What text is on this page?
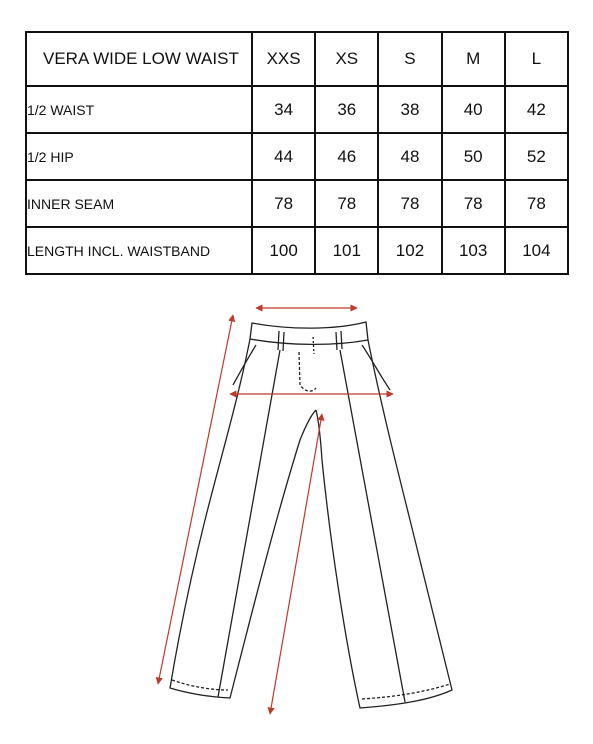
VERA WIDE LOW WAIST	XXS	XS	S	M	L
1/2 WAIST	34	36	38	40	42
1/2 HIP	44	46	48	50	52
INNER SEAM	78	78	78	78	78
LENGTH INCL. WAISTBAND	100	101	102	103	104
